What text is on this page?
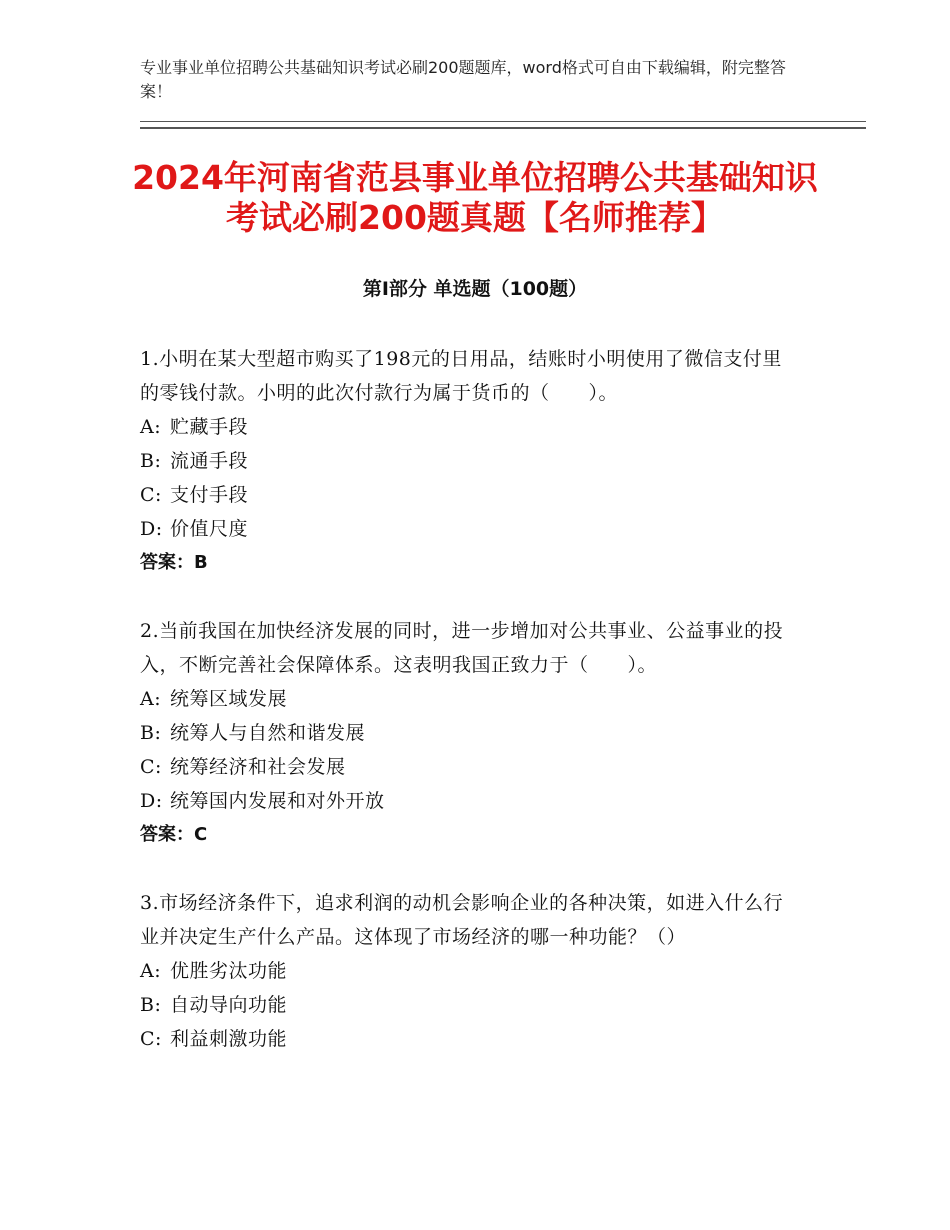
专业事业单位招聘公共基础知识考试必刷200题题库，word格式可自由下载编辑，附完整答案！
2024年河南省范县事业单位招聘公共基础知识考试必刷200题真题【名师推荐】
第Ⅰ部分 单选题（100题）
1.小明在某大型超市购买了198元的日用品，结账时小明使用了微信支付里的零钱付款。小明的此次付款行为属于货币的（　　）。
A: 贮藏手段
B: 流通手段
C: 支付手段
D: 价值尺度
答案：B
2.当前我国在加快经济发展的同时，进一步增加对公共事业、公益事业的投入，不断完善社会保障体系。这表明我国正致力于（　　）。
A: 统筹区域发展
B: 统筹人与自然和谐发展
C: 统筹经济和社会发展
D: 统筹国内发展和对外开放
答案：C
3.市场经济条件下，追求利润的动机会影响企业的各种决策，如进入什么行业并决定生产什么产品。这体现了市场经济的哪一种功能？（）
A: 优胜劣汰功能
B: 自动导向功能
C: 利益刺激功能
